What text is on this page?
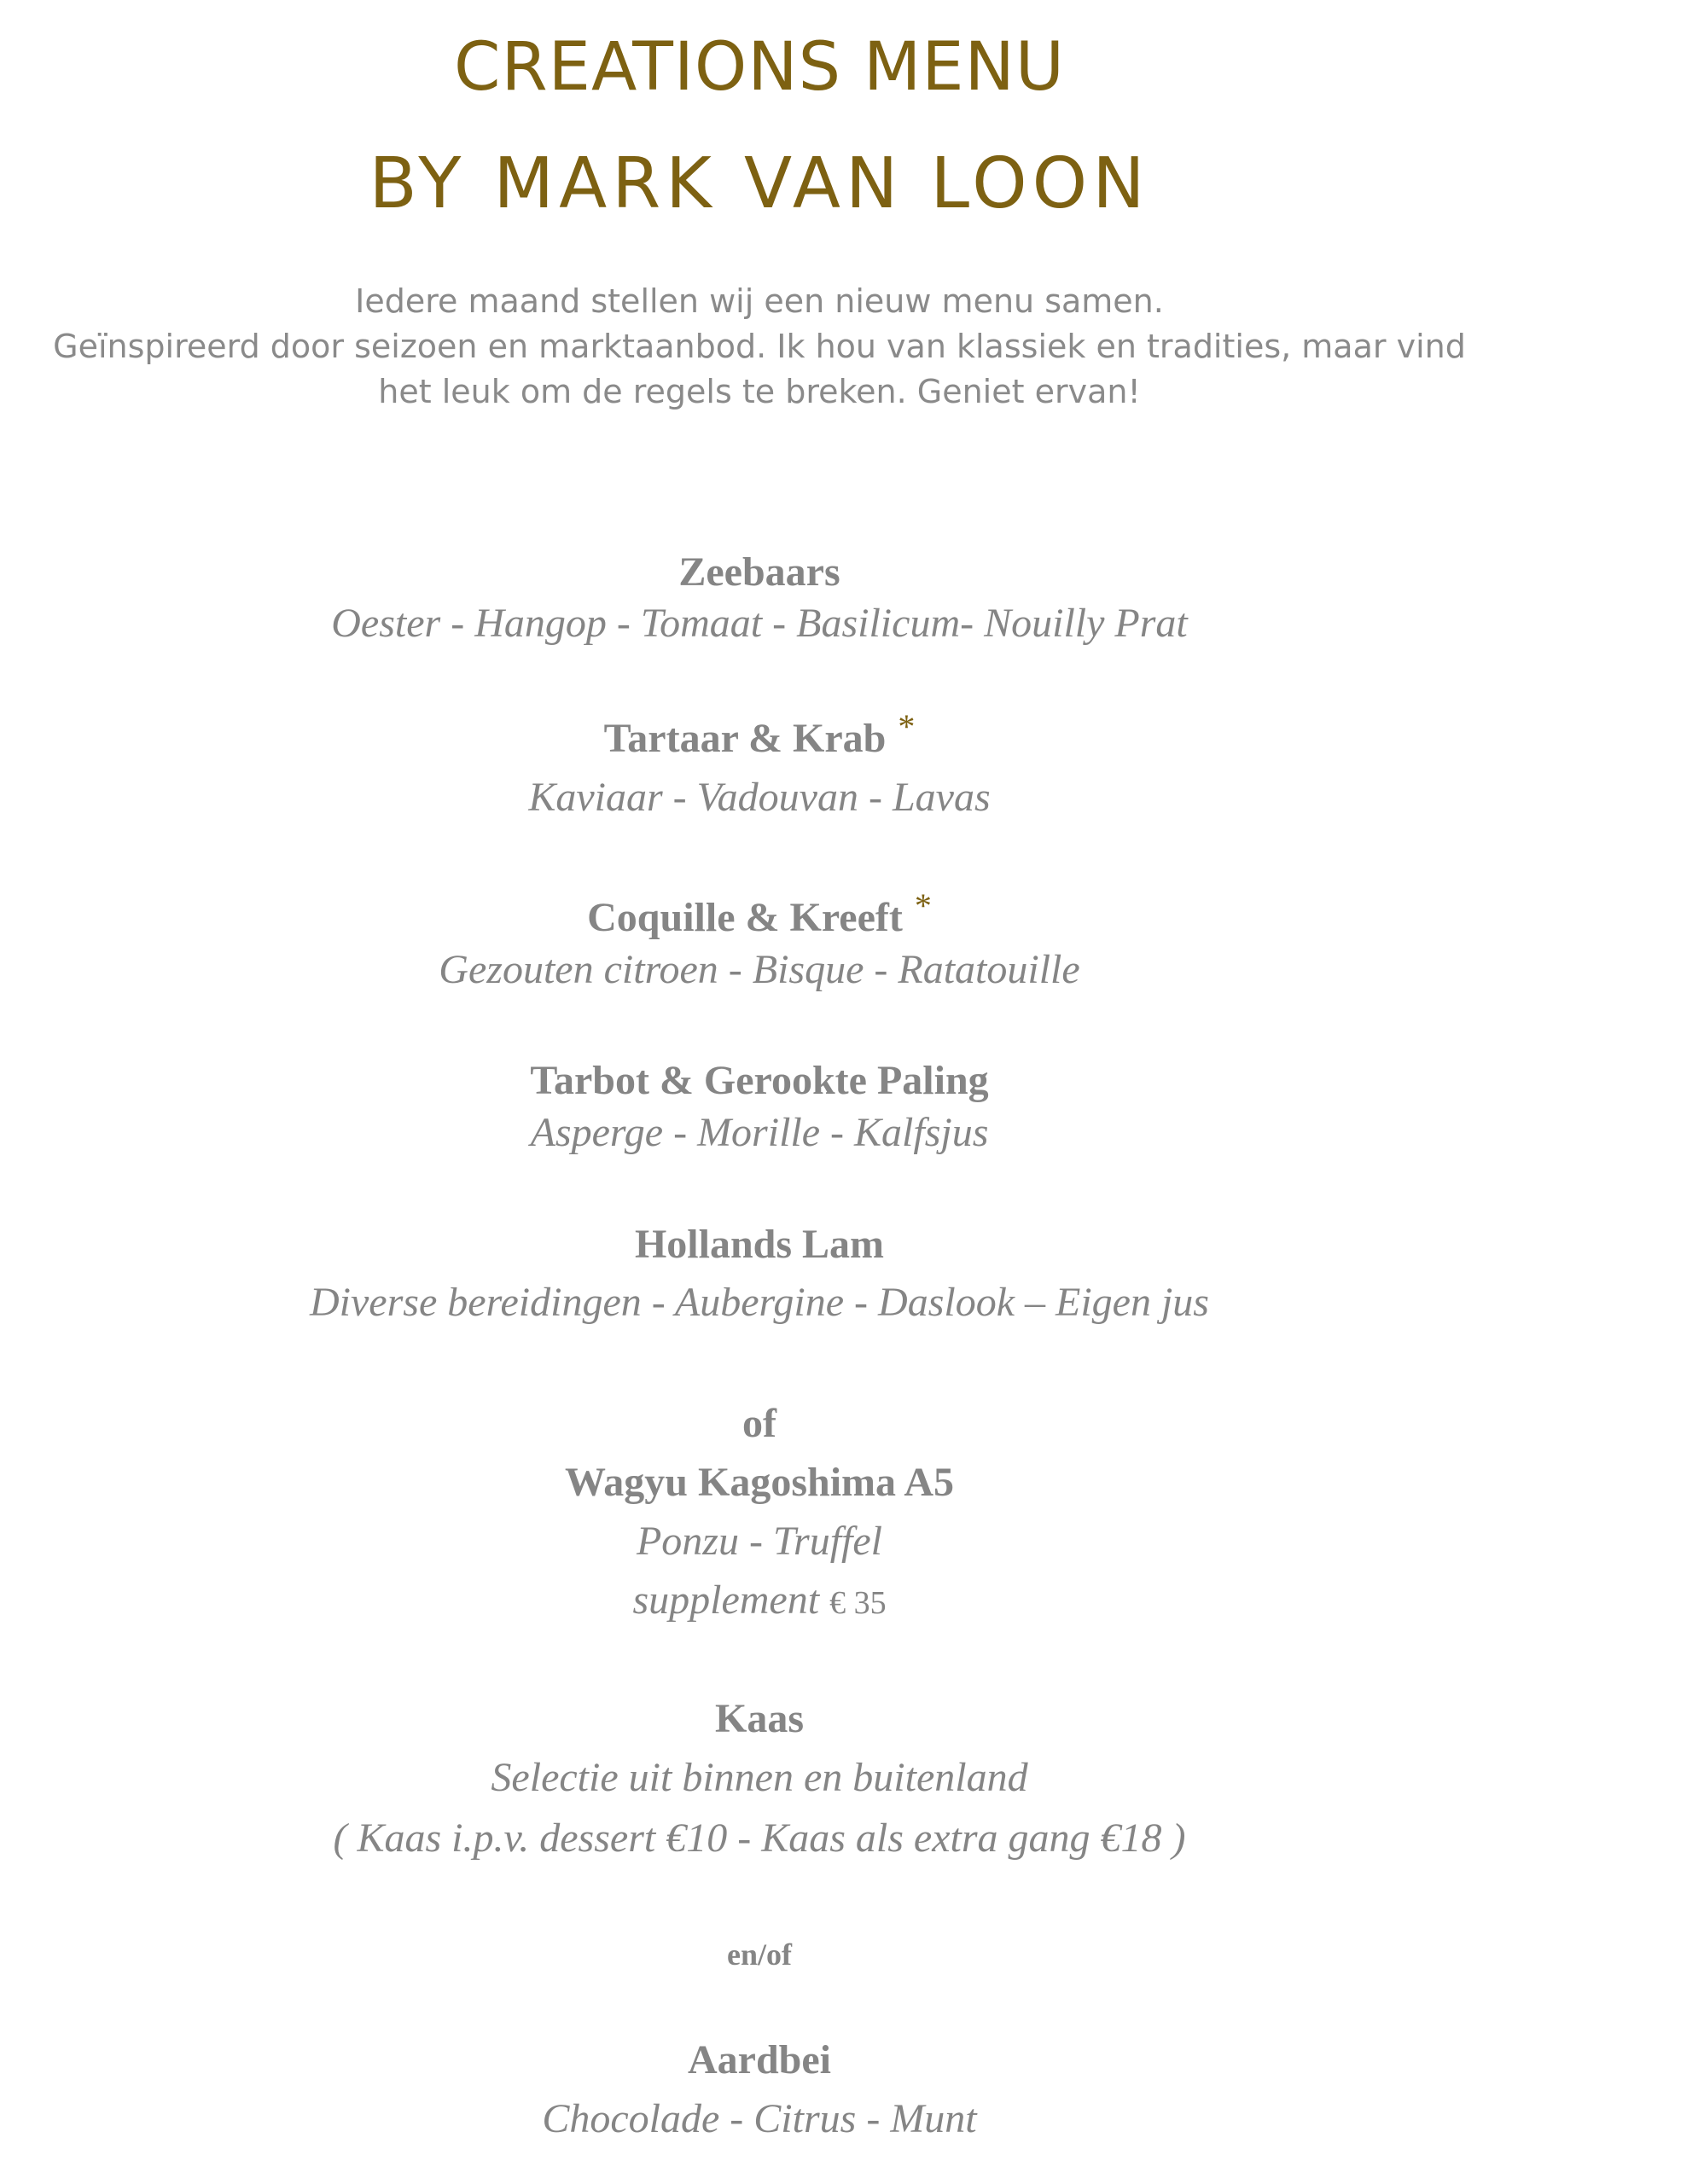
CREATIONS MENU
BY MARK VAN LOON
Iedere maand stellen wij een nieuw menu samen.
Geïnspireerd door seizoen en marktaanbod. Ik hou van klassiek en tradities, maar vind
het leuk om de regels te breken. Geniet ervan!
Zeebaars
Oester - Hangop - Tomaat - Basilicum- Nouilly Prat
Tartaar & Krab *
Kaviaar - Vadouvan - Lavas
Coquille & Kreeft *
Gezouten citroen - Bisque - Ratatouille
Tarbot & Gerookte Paling
Asperge - Morille - Kalfsjus
Hollands Lam
Diverse bereidingen - Aubergine - Daslook – Eigen jus
of
Wagyu Kagoshima A5
Ponzu - Truffel
supplement € 35
Kaas
Selectie uit binnen en buitenland
( Kaas i.p.v. dessert €10 - Kaas als extra gang €18 )
en/of
Aardbei
Chocolade - Citrus - Munt
